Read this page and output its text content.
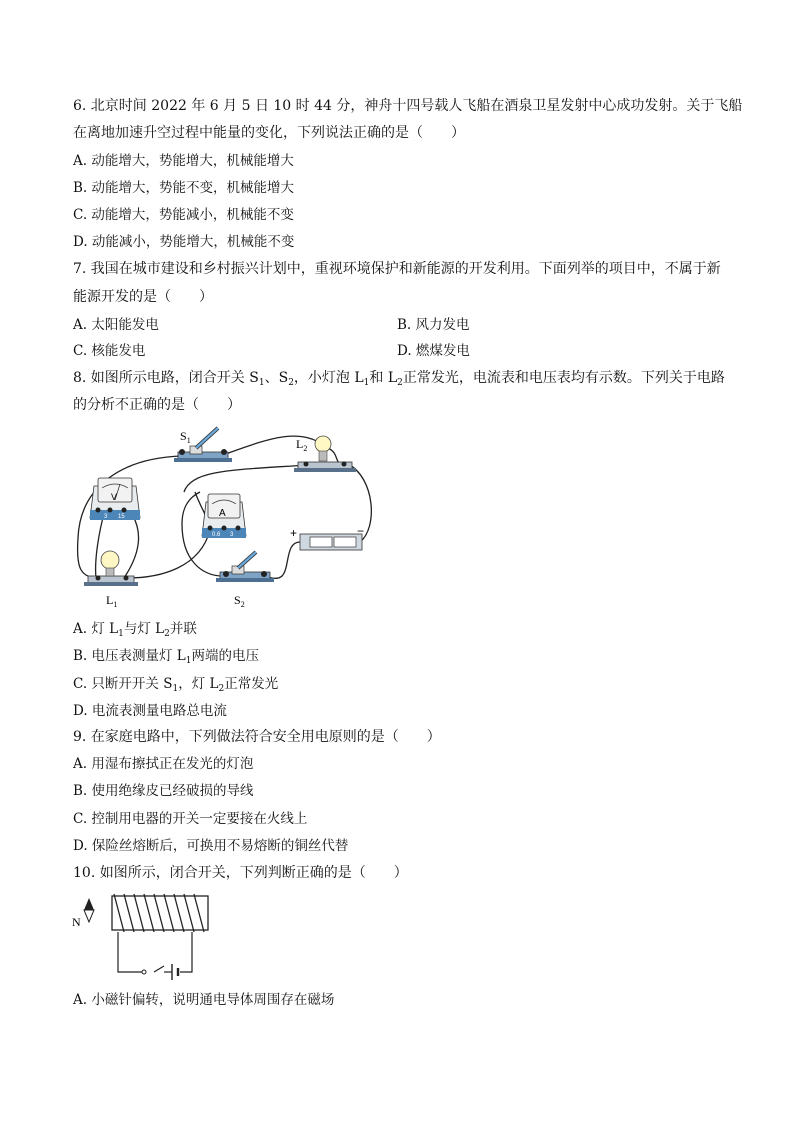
6. 北京时间 2022 年 6 月 5 日 10 时 44 分，神舟十四号载人飞船在酒泉卫星发射中心成功发射。关于飞船
在离地加速升空过程中能量的变化，下列说法正确的是（　　）
A. 动能增大，势能增大，机械能增大
B. 动能增大，势能不变，机械能增大
C. 动能增大，势能减小，机械能不变
D. 动能减小，势能增大，机械能不变
7. 我国在城市建设和乡村振兴计划中，重视环境保护和新能源的开发利用。下面列举的项目中，不属于新
能源开发的是（　　）
A. 太阳能发电	B. 风力发电
C. 核能发电	D. 燃煤发电
8. 如图所示电路，闭合开关 $S_1$、$S_2$，小灯泡 $L_1$和 $L_2$正常发光，电流表和电压表均有示数。下列关于电路
的分析不正确的是（　　）
$S_1$	$L_2$
V
3 15	A
0.6 3	+	−
$L_1$	$S_2$
A. 灯 $L_1$与灯 $L_2$并联
B. 电压表测量灯 $L_1$两端的电压
C. 只断开开关 $S_1$，灯 $L_2$正常发光
D. 电流表测量电路总电流
9. 在家庭电路中，下列做法符合安全用电原则的是（　　）
A. 用湿布擦拭正在发光的灯泡
B. 使用绝缘皮已经破损的导线
C. 控制用电器的开关一定要接在火线上
D. 保险丝熔断后，可换用不易熔断的铜丝代替
10. 如图所示，闭合开关，下列判断正确的是（　　）
N
A. 小磁针偏转，说明通电导体周围存在磁场
